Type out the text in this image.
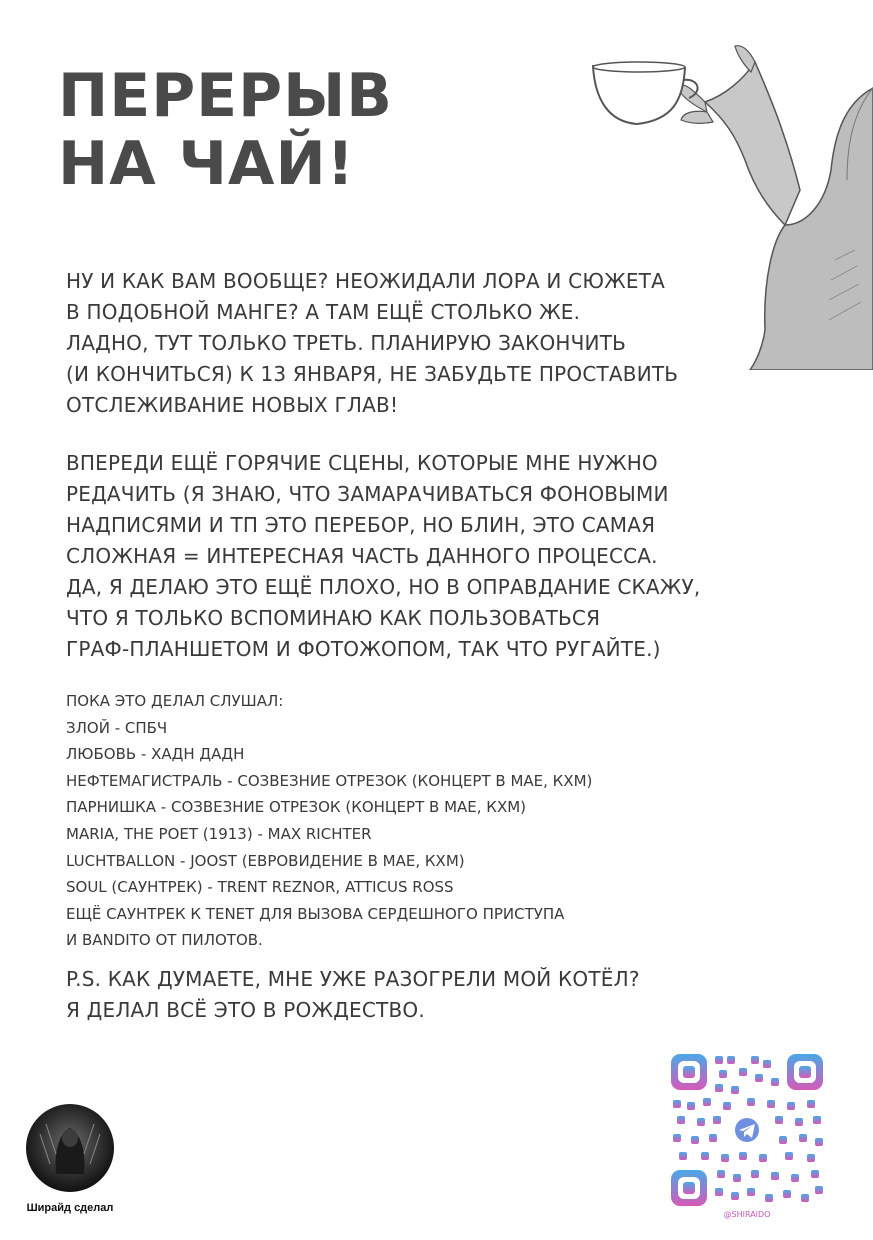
ПЕРЕРЫВ
НА ЧАЙ!
НУ И КАК ВАМ ВООБЩЕ? НЕОЖИДАЛИ ЛОРА И СЮЖЕТА
В ПОДОБНОЙ МАНГЕ? А ТАМ ЕЩЁ СТОЛЬКО ЖЕ.
ЛАДНО, ТУТ ТОЛЬКО ТРЕТЬ. ПЛАНИРУЮ ЗАКОНЧИТЬ
(И КОНЧИТЬСЯ) К 13 ЯНВАРЯ, НЕ ЗАБУДЬТЕ ПРОСТАВИТЬ
ОТСЛЕЖИВАНИЕ НОВЫХ ГЛАВ!
ВПЕРЕДИ ЕЩЁ ГОРЯЧИЕ СЦЕНЫ, КОТОРЫЕ МНЕ НУЖНО
РЕДАЧИТЬ (Я ЗНАЮ, ЧТО ЗАМАРАЧИВАТЬСЯ ФОНОВЫМИ
НАДПИСЯМИ И ТП ЭТО ПЕРЕБОР, НО БЛИН, ЭТО САМАЯ
СЛОЖНАЯ = ИНТЕРЕСНАЯ ЧАСТЬ ДАННОГО ПРОЦЕССА.
ДА, Я ДЕЛАЮ ЭТО ЕЩЁ ПЛОХО, НО В ОПРАВДАНИЕ СКАЖУ,
ЧТО Я ТОЛЬКО ВСПОМИНАЮ КАК ПОЛЬЗОВАТЬСЯ
ГРАФ-ПЛАНШЕТОМ И ФОТОЖОПОМ, ТАК ЧТО РУГАЙТЕ.)
ПОКА ЭТО ДЕЛАЛ СЛУШАЛ:
ЗЛОЙ - СПБЧ
ЛЮБОВЬ - ХАДН ДАДН
НЕФТЕМАГИСТРАЛЬ - СОЗВЕЗНИЕ ОТРЕЗОК (КОНЦЕРТ В МАЕ, КХМ)
ПАРНИШКА - СОЗВЕЗНИЕ ОТРЕЗОК (КОНЦЕРТ В МАЕ, КХМ)
MARIA, THE POET (1913) - MAX RICHTER
LUCHTBALLON - JOOST (ЕВРОВИДЕНИЕ В МАЕ, КХМ)
SOUL (САУНТРЕК) - TRENT REZNOR, ATTICUS ROSS
ЕЩЁ САУНТРЕК К TENET ДЛЯ ВЫЗОВА СЕРДЕШНОГО ПРИСТУПА
И BANDITO ОТ ПИЛОТОВ.
P.S. КАК ДУМАЕТЕ, МНЕ УЖЕ РАЗОГРЕЛИ МОЙ КОТЁЛ?
Я ДЕЛАЛ ВСЁ ЭТО В РОЖДЕСТВО.
Ширайд сделал
@SHIRAIDO
